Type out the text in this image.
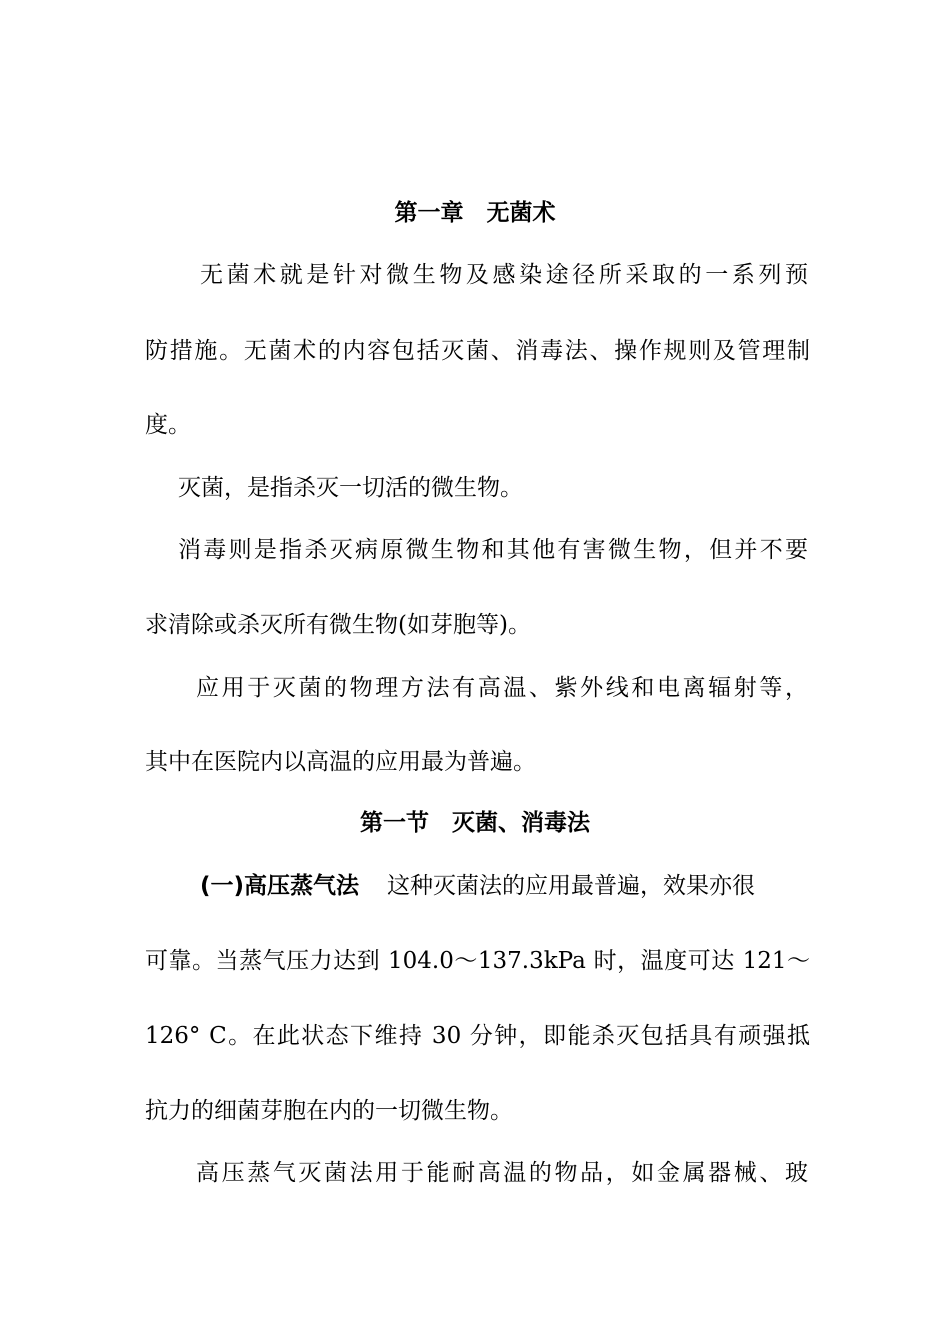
第一章　无菌术
无菌术就是针对微生物及感染途径所采取的一系列预
防措施。无菌术的内容包括灭菌、消毒法、操作规则及管理制
度。
灭菌，是指杀灭一切活的微生物。
消毒则是指杀灭病原微生物和其他有害微生物，但并不要
求清除或杀灭所有微生物(如芽胞等)。
应用于灭菌的物理方法有高温、紫外线和电离辐射等，
其中在医院内以高温的应用最为普遍。
第一节　灭菌、消毒法
(一)高压蒸气法 这种灭菌法的应用最普遍，效果亦很
可靠。当蒸气压力达到 104.0～137.3kPa 时，温度可达 121～
126° C。在此状态下维持 30 分钟，即能杀灭包括具有顽强抵
抗力的细菌芽胞在内的一切微生物。
高压蒸气灭菌法用于能耐高温的物品，如金属器械、玻
